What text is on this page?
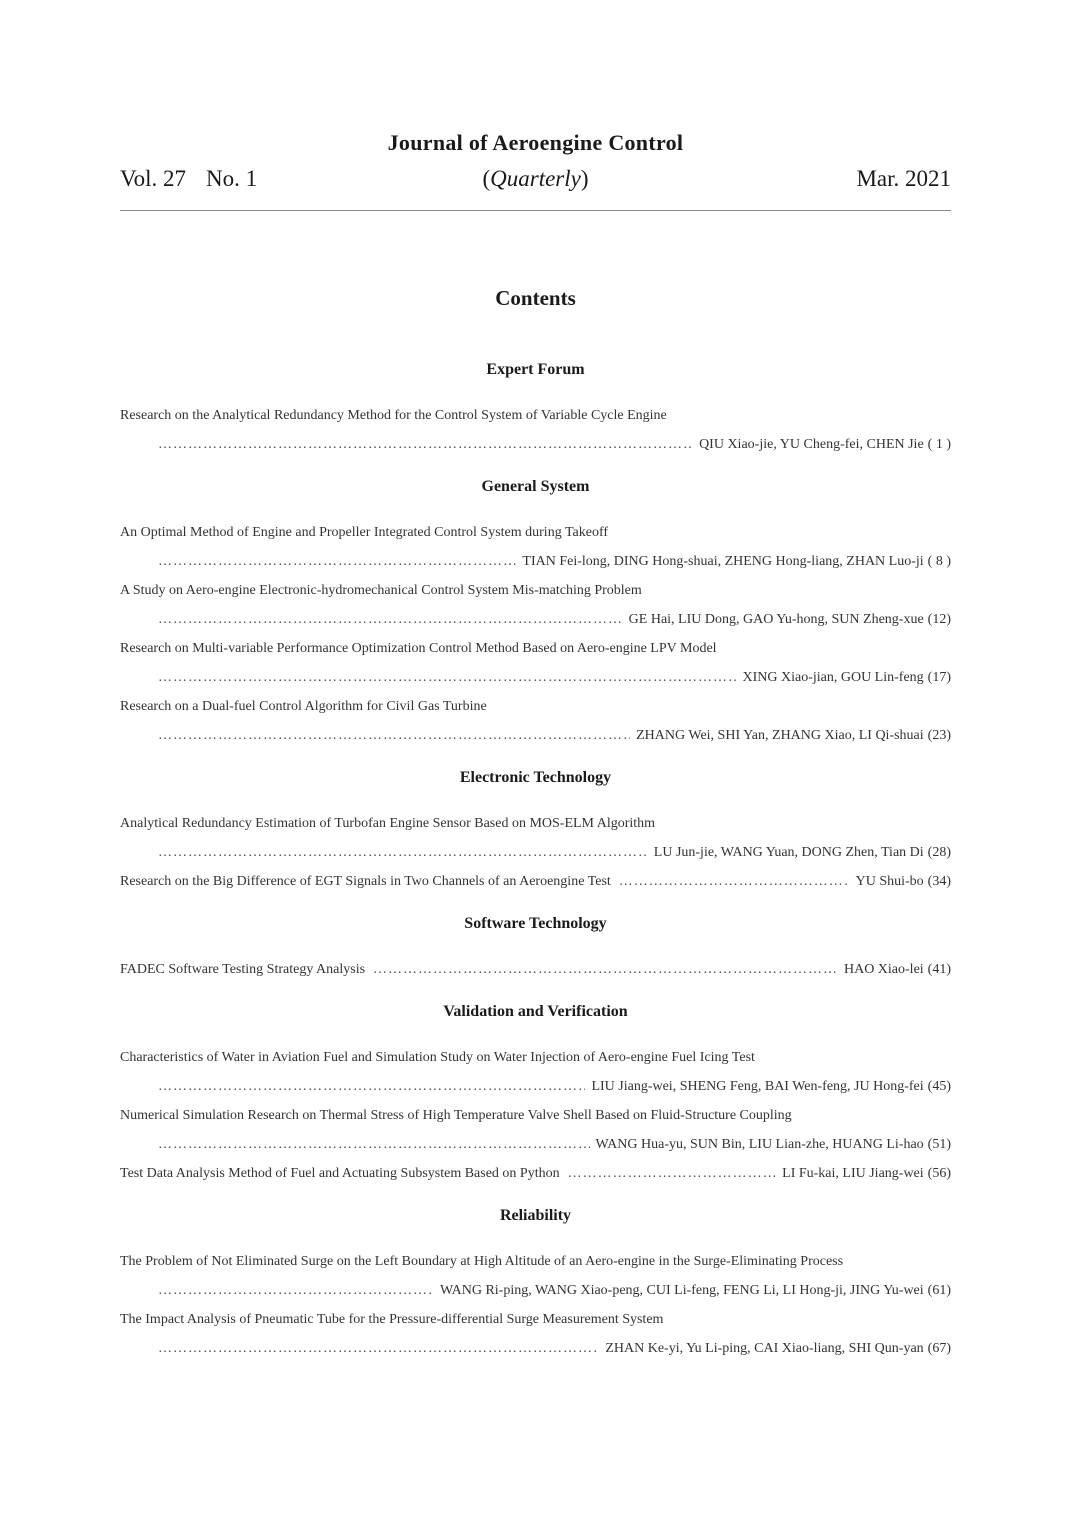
Journal of Aeroengine Control
Vol. 27 No. 1	(Quarterly)	Mar. 2021
Contents
Expert Forum
Research on the Analytical Redundancy Method for the Control System of Variable Cycle Engine
…………………………………………………………………………………………………………………………………………………………………………………………………………………………
QIU Xiao-jie, YU Cheng-fei, CHEN Jie ( 1 )
General System
An Optimal Method of Engine and Propeller Integrated Control System during Takeoff
…………………………………………………………………………………………………………………………………………………………………………………………………………………………
TIAN Fei-long, DING Hong-shuai, ZHENG Hong-liang, ZHAN Luo-ji ( 8 )
A Study on Aero-engine Electronic-hydromechanical Control System Mis-matching Problem
…………………………………………………………………………………………………………………………………………………………………………………………………………………………
GE Hai, LIU Dong, GAO Yu-hong, SUN Zheng-xue (12)
Research on Multi-variable Performance Optimization Control Method Based on Aero-engine LPV Model
…………………………………………………………………………………………………………………………………………………………………………………………………………………………
XING Xiao-jian, GOU Lin-feng (17)
Research on a Dual-fuel Control Algorithm for Civil Gas Turbine
…………………………………………………………………………………………………………………………………………………………………………………………………………………………
ZHANG Wei, SHI Yan, ZHANG Xiao, LI Qi-shuai (23)
Electronic Technology
Analytical Redundancy Estimation of Turbofan Engine Sensor Based on MOS-ELM Algorithm
…………………………………………………………………………………………………………………………………………………………………………………………………………………………
LU Jun-jie, WANG Yuan, DONG Zhen, Tian Di (28)
Research on the Big Difference of EGT Signals in Two Channels of an Aeroengine Test …………………………………………………………………………………………………………………………………………………………………………………………………………………………	YU Shui-bo (34)
Software Technology
FADEC Software Testing Strategy Analysis …………………………………………………………………………………………………………………………………………………………………………………………………………………………	HAO Xiao-lei (41)
Validation and Verification
Characteristics of Water in Aviation Fuel and Simulation Study on Water Injection of Aero-engine Fuel Icing Test
…………………………………………………………………………………………………………………………………………………………………………………………………………………………
LIU Jiang-wei, SHENG Feng, BAI Wen-feng, JU Hong-fei (45)
Numerical Simulation Research on Thermal Stress of High Temperature Valve Shell Based on Fluid-Structure Coupling
…………………………………………………………………………………………………………………………………………………………………………………………………………………………
WANG Hua-yu, SUN Bin, LIU Lian-zhe, HUANG Li-hao (51)
Test Data Analysis Method of Fuel and Actuating Subsystem Based on Python …………………………………………………………………………………………………………………………………………………………………………………………………………………………	LI Fu-kai, LIU Jiang-wei (56)
Reliability
The Problem of Not Eliminated Surge on the Left Boundary at High Altitude of an Aero-engine in the Surge-Eliminating Process
…………………………………………………………………………………………………………………………………………………………………………………………………………………………
WANG Ri-ping, WANG Xiao-peng, CUI Li-feng, FENG Li, LI Hong-ji, JING Yu-wei (61)
The Impact Analysis of Pneumatic Tube for the Pressure-differential Surge Measurement System
…………………………………………………………………………………………………………………………………………………………………………………………………………………………
ZHAN Ke-yi, Yu Li-ping, CAI Xiao-liang, SHI Qun-yan (67)
